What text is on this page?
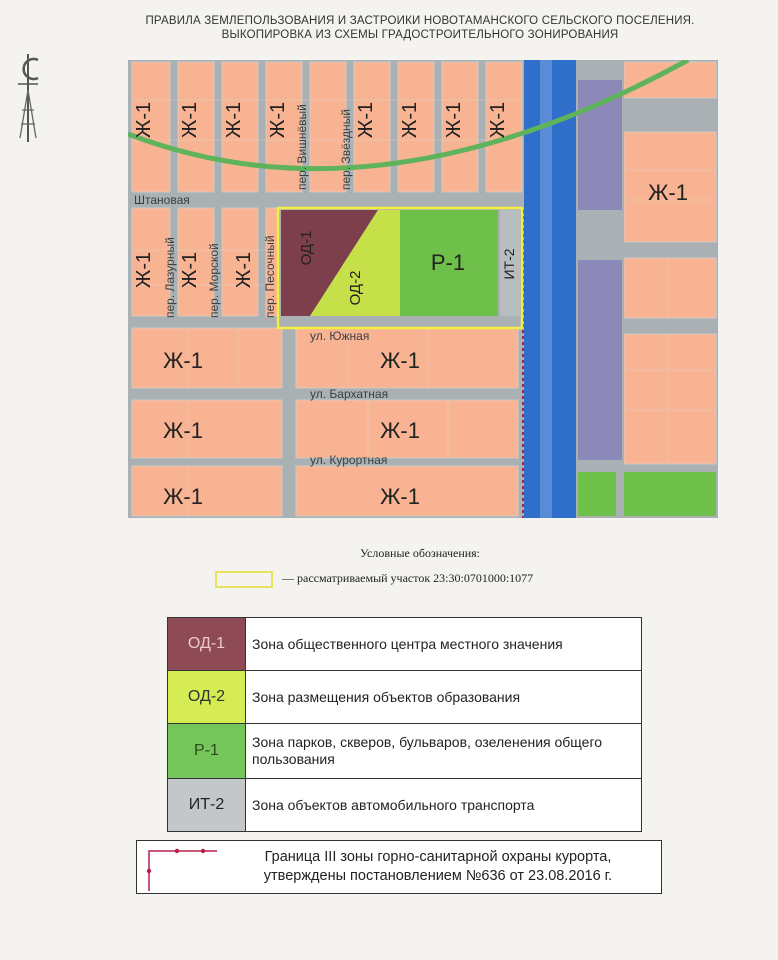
ПРАВИЛА ЗЕМЛЕПОЛЬЗОВАНИЯ И ЗАСТРОИКИ НОВОТАМАНСКОГО СЕЛЬСКОГО ПОСЕЛЕНИЯ.
ВЫКОПИРОВКА ИЗ СХЕМЫ ГРАДОСТРОИТЕЛЬНОГО ЗОНИРОВАНИЯ
Ж-1 Ж-1 Ж-1 Ж-1	Ж-1 Ж-1 Ж-1 Ж-1
Ж-1 Ж-1 Ж-1
Ж-1
Ж-1	Ж-1
Ж-1	Ж-1
Ж-1	Ж-1
ОД-1
ОД-2
Р-1	ИТ-2
Штановая
пер. Лазурный	пер. Морской	пер. Песочный
пер. Вишнёвый	пер. Звёздный
ул. Южная
ул. Бархатная
ул. Курортная
Условные обозначения:
— рассматриваемый участок 23:30:0701000:1077
ОД-1	Зона общественного центра местного значения
ОД-2	Зона размещения объектов образования
Р-1	Зона парков, скверов, бульваров, озеленения общего пользования
ИТ-2	Зона объектов автомобильного транспорта
Граница III зоны горно-санитарной охраны курорта,
утверждены постановлением №636 от 23.08.2016 г.
